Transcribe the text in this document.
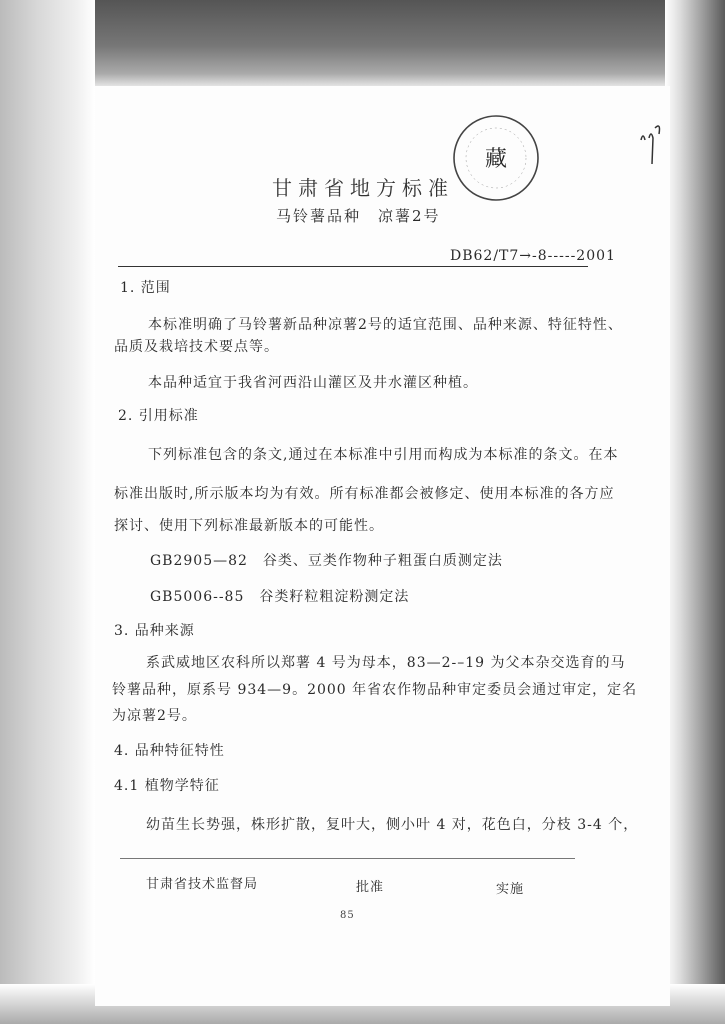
藏
甘肃省地方标准
马铃薯品种　凉薯2号
DB62/T7→-8-----2001
1. 范围
本标准明确了马铃薯新品种凉薯2号的适宜范围、品种来源、特征特性、
品质及栽培技术要点等。
本品种适宜于我省河西沿山灌区及井水灌区种植。
2. 引用标准
下列标准包含的条文,通过在本标准中引用而构成为本标准的条文。在本
标准出版时,所示版本均为有效。所有标准都会被修定、使用本标准的各方应
探讨、使用下列标准最新版本的可能性。
GB2905—82　谷类、豆类作物种子粗蛋白质测定法
GB5006--85　谷类籽粒粗淀粉测定法
3. 品种来源
系武威地区农科所以郑薯 4 号为母本，83—2-–19 为父本杂交选育的马
铃薯品种，原系号 934—9。2000 年省农作物品种审定委员会通过审定，定名
为凉薯2号。
4. 品种特征特性
4.1 植物学特征
幼苗生长势强，株形扩散，复叶大，侧小叶 4 对，花色白，分枝 3-4 个，
甘肃省技术监督局	批准	实施
85
